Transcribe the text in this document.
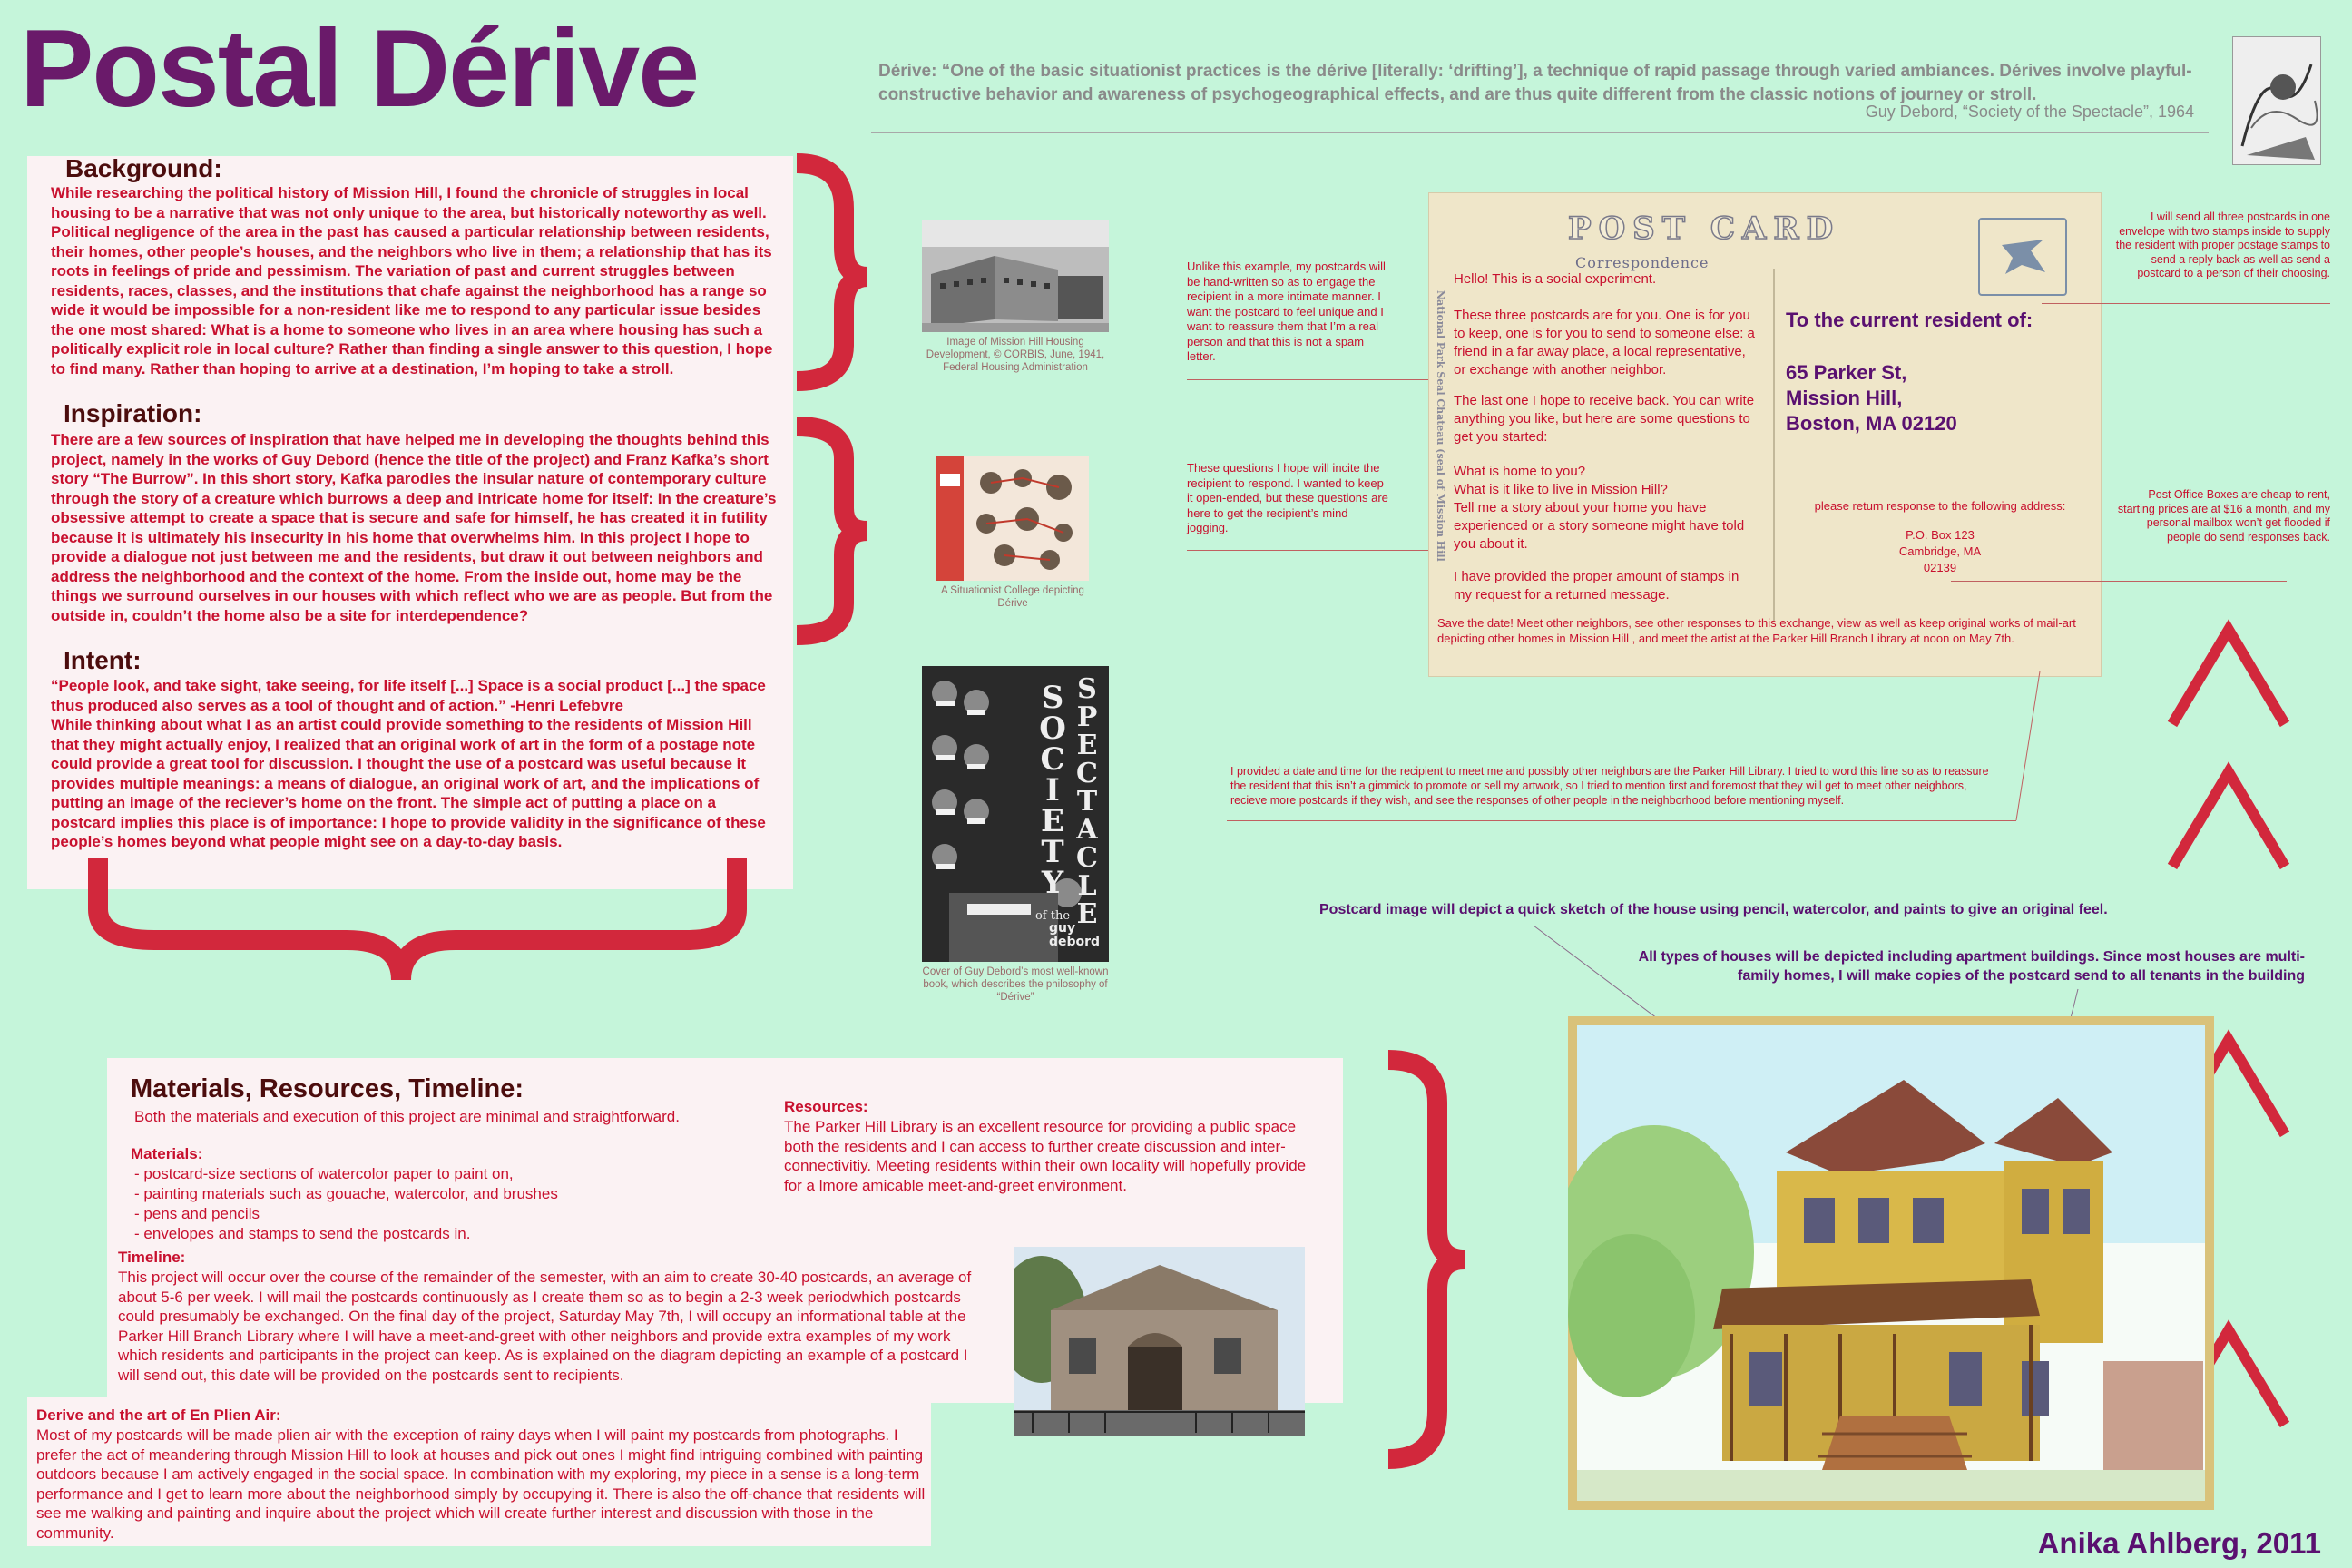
Postal Dérive	Dérive: “One of the basic situationist practices is the dérive [literally: ‘drifting’], a technique of rapid passage through varied ambiances. Dérives involve playful-constructive behavior and awareness of psychogeographical effects, and are thus quite different from the classic notions of journey or stroll.
Guy Debord, “Society of the Spectacle”, 1964
Background:
While researching the political history of Mission Hill, I found the chronicle of struggles in local housing to be a narrative that was not only unique to the area, but historically noteworthy as well. Political negligence of the area in the past has caused a particular relationship between residents, their homes, other people’s houses, and the neighbors who live in them; a relationship that has its roots in feelings of pride and pessimism. The variation of past and current struggles between residents, races, classes, and the institutions that chafe against the neighborhood has a range so wide it would be impossible for a non-resident like me to respond to any particular issue besides the one most shared: What is a home to someone who lives in an area where housing has such a politically explicit role in local culture? Rather than finding a single answer to this question, I hope to find many. Rather than hoping to arrive at a destination, I’m hoping to take a stroll.
Inspiration:
There are a few sources of inspiration that have helped me in developing the thoughts behind this project, namely in the works of Guy Debord (hence the title of the project) and Franz Kafka’s short story “The Burrow”. In this short story, Kafka parodies the insular nature of contemporary culture through the story of a creature which burrows a deep and intricate home for itself: In the creature’s obsessive attempt to create a space that is secure and safe for himself, he has created it in futility because it is ultimately his insecurity in his home that overwhelms him. In this project I hope to provide a dialogue not just between me and the residents, but draw it out between neighbors and address the neighborhood and the context of the home. From the inside out, home may be the things we surround ourselves in our houses with which reflect who we are as people. But from the outside in, couldn’t the home also be a site for interdependence?
Intent:
“People look, and take sight, take seeing, for life itself [...] Space is a social product [...] the space thus produced also serves as a tool of thought and of action.” -Henri Lefebvre
While thinking about what I as an artist could provide something to the residents of Mission Hill that they might actually enjoy, I realized that an original work of art in the form of a postage note could provide a great tool for discussion. I thought the use of a postcard was useful because it provides multiple meanings: a means of dialogue, an original work of art, and the implications of putting an image of the reciever’s home on the front. The simple act of putting a place on a postcard implies this place is of importance: I hope to provide validity in the significance of these people’s homes beyond what people might see on a day-to-day basis.
Image of Mission Hill Housing Development, © CORBIS, June, 1941, Federal Housing Administration
A Situationist College depicting Dérive
SOCIETY
SPECTACLE
of the
guy debord
Cover of Guy Debord’s most well-known book, which describes the philosophy of “Dérive”
Unlike this example, my postcards will be hand-written so as to engage the recipient in a more intimate manner. I want the postcard to feel unique and I want to reassure them that I’m a real person and that this is not a spam letter.
These questions I hope will incite the recipient to respond. I wanted to keep it open-ended, but these questions are here to get the recipient’s mind jogging.
POST CARD
Correspondence
National Park Seal Chateau (seal of Mission Hill
Hello! This is a social experiment.
These three postcards are for you. One is for you to keep, one is for you to send to someone else: a friend in a far away place, a local representative, or exchange with another neighbor.
The last one I hope to receive back. You can write anything you like, but here are some questions to get you started:
What is home to you?
What is it like to live in Mission Hill?
Tell me a story about your home you have experienced or a story someone might have told you about it.
I have provided the proper amount of stamps in my request for a returned message.
To the current resident of:
65 Parker St,
Mission Hill,
Boston, MA 02120
please return response to the following address:
P.O. Box 123
Cambridge, MA
02139
Save the date! Meet other neighbors, see other responses to this exchange, view as well as keep original works of mail-art depicting other homes in Mission Hill , and meet the artist at the Parker Hill Branch Library at noon on May 7th.
I will send all three postcards in one envelope with two stamps inside to supply the resident with proper postage stamps to send a reply back as well as send a postcard to a person of their choosing.
Post Office Boxes are cheap to rent, starting prices are at $16 a month, and my personal mailbox won’t get flooded if people do send responses back.
I provided a date and time for the recipient to meet me and possibly other neighbors are the Parker Hill Library. I tried to word this line so as to reassure the resident that this isn’t a gimmick to promote or sell my artwork, so I tried to mention first and foremost that they will get to meet other neighbors, recieve more postcards if they wish, and see the responses of other people in the neighborhood before mentioning myself.
Postcard image will depict a quick sketch of the house using pencil, watercolor, and paints to give an original feel.
All types of houses will be depicted including apartment buildings. Since most houses are multi-family homes, I will make copies of the postcard send to all tenants in the building
Materials, Resources, Timeline:
Both the materials and execution of this project are minimal and straightforward.
Materials:
- postcard-size sections of watercolor paper to paint on,
- painting materials such as gouache, watercolor, and brushes
- pens and pencils
- envelopes and stamps to send the postcards in.
Resources:
The Parker Hill Library is an excellent resource for providing a public space both the residents and I can access to further create discussion and inter-connectivitiy. Meeting residents within their own locality will hopefully provide for a lmore amicable meet-and-greet environment.
Timeline:
This project will occur over the course of the remainder of the semester, with an aim to create 30-40 postcards, an average of about 5-6 per week. I will mail the postcards continuously as I create them so as to begin a 2-3 week periodwhich postcards could presumably be exchanged. On the final day of the project, Saturday May 7th, I will occupy an informational table at the Parker Hill Branch Library where I will have a meet-and-greet with other neighbors and provide extra examples of my work which residents and participants in the project can keep. As is explained on the diagram depicting an example of a postcard I will send out, this date will be provided on the postcards sent to recipients.
Derive and the art of En Plien Air:
Most of my postcards will be made plien air with the exception of rainy days when I will paint my postcards from photographs. I prefer the act of meandering through Mission Hill to look at houses and pick out ones I might find intriguing combined with painting outdoors because I am actively engaged in the social space. In combination with my exploring, my piece in a sense is a long-term performance and I get to learn more about the neighborhood simply by occupying it. There is also the off-chance that residents will see me walking and painting and inquire about the project which will create further interest and discussion with those in the community.	Anika Ahlberg, 2011
